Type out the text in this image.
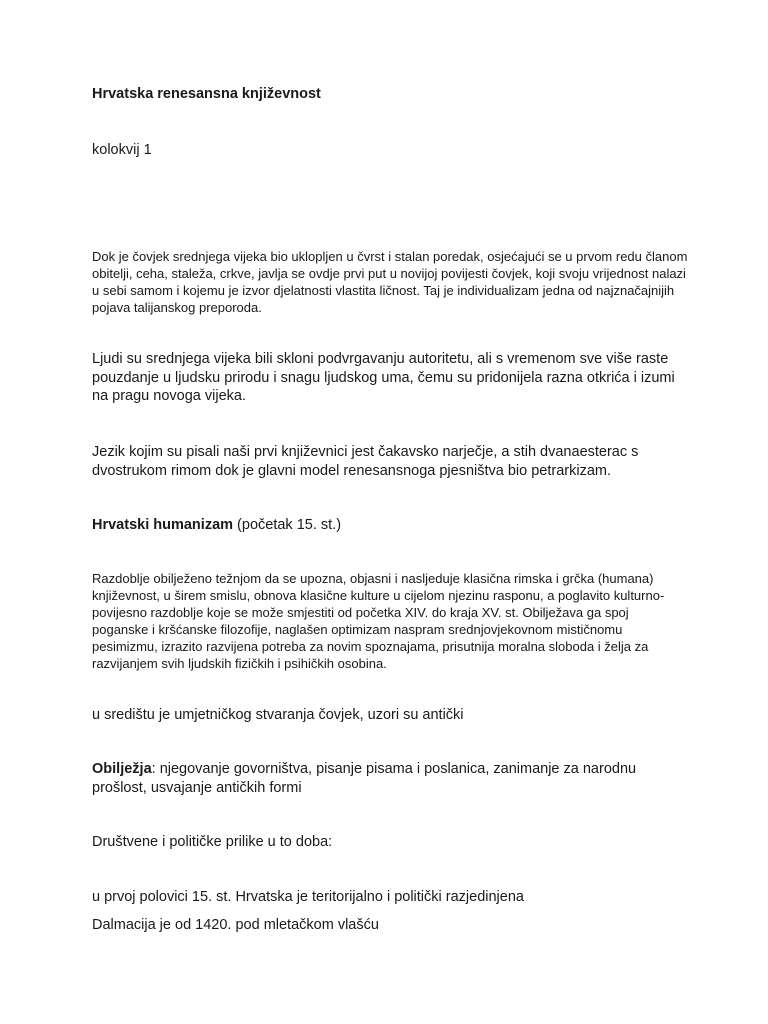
Hrvatska renesansna književnost

kolokvij 1

Dok je čovjek srednjega vijeka bio uklopljen u čvrst i stalan poredak, osjećajući se u prvom redu članom obitelji, ceha, staleža, crkve, javlja se ovdje prvi put u novijoj povijesti čovjek, koji svoju vrijednost nalazi u sebi samom i kojemu je izvor djelatnosti vlastita ličnost. Taj je individualizam jedna od najznačajnijih pojava talijanskog preporoda.

Ljudi su srednjega vijeka bili skloni podvrgavanju autoritetu, ali s vremenom sve više raste pouzdanje u ljudsku prirodu i snagu ljudskog uma, čemu su pridonijela razna otkrića i izumi na pragu novoga vijeka.

Jezik kojim su pisali naši prvi književnici jest čakavsko narječje, a stih dvanaesterac s dvostrukom rimom dok je glavni model renesansnoga pjesništva bio petrarkizam.

Hrvatski humanizam (početak 15. st.)

Razdoblje obilježeno težnjom da se upozna, objasni i nasljeduje klasična rimska i grčka (humana) književnost, u širem smislu, obnova klasične kulture u cijelom njezinu rasponu, a poglavito kulturno-povijesno razdoblje koje se može smjestiti od početka XIV. do kraja XV. st. Obilježava ga spoj poganske i kršćanske filozofije, naglašen optimizam naspram srednjovjekovnom mističnomu pesimizmu, izrazito razvijena potreba za novim spoznajama, prisutnija moralna sloboda i želja za razvijanjem svih ljudskih fizičkih i psihičkih osobina.

u središtu je umjetničkog stvaranja čovjek, uzori su antički

Obilježja: njegovanje govorništva, pisanje pisama i poslanica, zanimanje za narodnu prošlost, usvajanje antičkih formi

Društvene i političke prilike u to doba:

u prvoj polovici 15. st. Hrvatska je teritorijalno i politički razjedinjena

Dalmacija je od 1420. pod mletačkom vlašću
